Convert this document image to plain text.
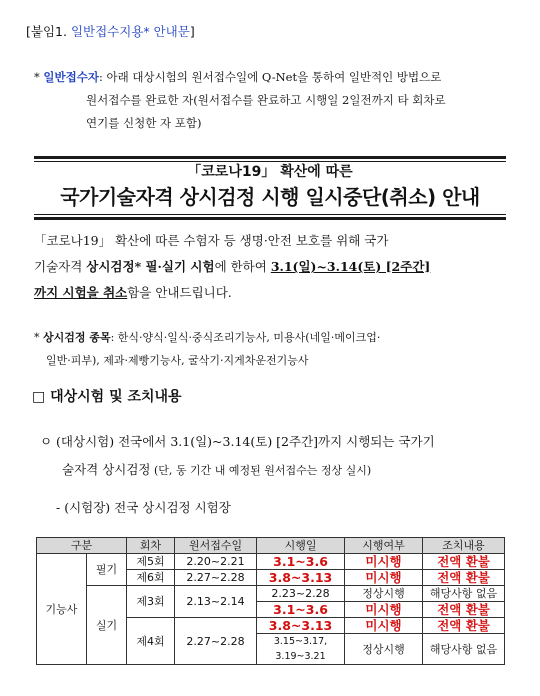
[붙임1. 일반접수지용* 안내문]
* 일반접수자: 아래 대상시험의 원서접수일에 Q-Net을 통하여 일반적인 방법으로
원서접수를 완료한 자(원서접수를 완료하고 시행일 2일전까지 타 회차로
연기를 신청한 자 포함)
「코로나19」 확산에 따른
국가기술자격 상시검정 시행 일시중단(취소) 안내
「코로나19」 확산에 따른 수험자 등 생명·안전 보호를 위해 국가
기술자격 상시검정* 필·실기 시험에 한하여 3.1(일)~3.14(토) [2주간]
까지 시험을 취소함을 안내드립니다.
* 상시검정 종목: 한식·양식·일식·중식조리기능사, 미용사(네일·메이크업·
일반·피부), 제과·제빵기능사, 굴삭기·지게차운전기능사
□ 대상시험 및 조치내용
ㅇ (대상시험) 전국에서 3.1(일)~3.14(토) [2주간]까지 시행되는 국가기
술자격 상시검정 (단, 동 기간 내 예정된 원서접수는 정상 실시)
- (시험장) 전국 상시검정 시험장
구분		회차	원서접수일	시행일	시행여부	조치내용
기능사	필기	제5회	2.20~2.21	3.1~3.6	미시행	전액 환불
		제6회	2.27~2.28	3.8~3.13	미시행	전액 환불
	실기	제3회	2.13~2.14	2.23~2.28	정상시행	해당사항 없음
				3.1~3.6	미시행	전액 환불
		제4회	2.27~2.28	3.8~3.13	미시행	전액 환불
				3.15~3.17,
3.19~3.21	정상시행	해당사항 없음
